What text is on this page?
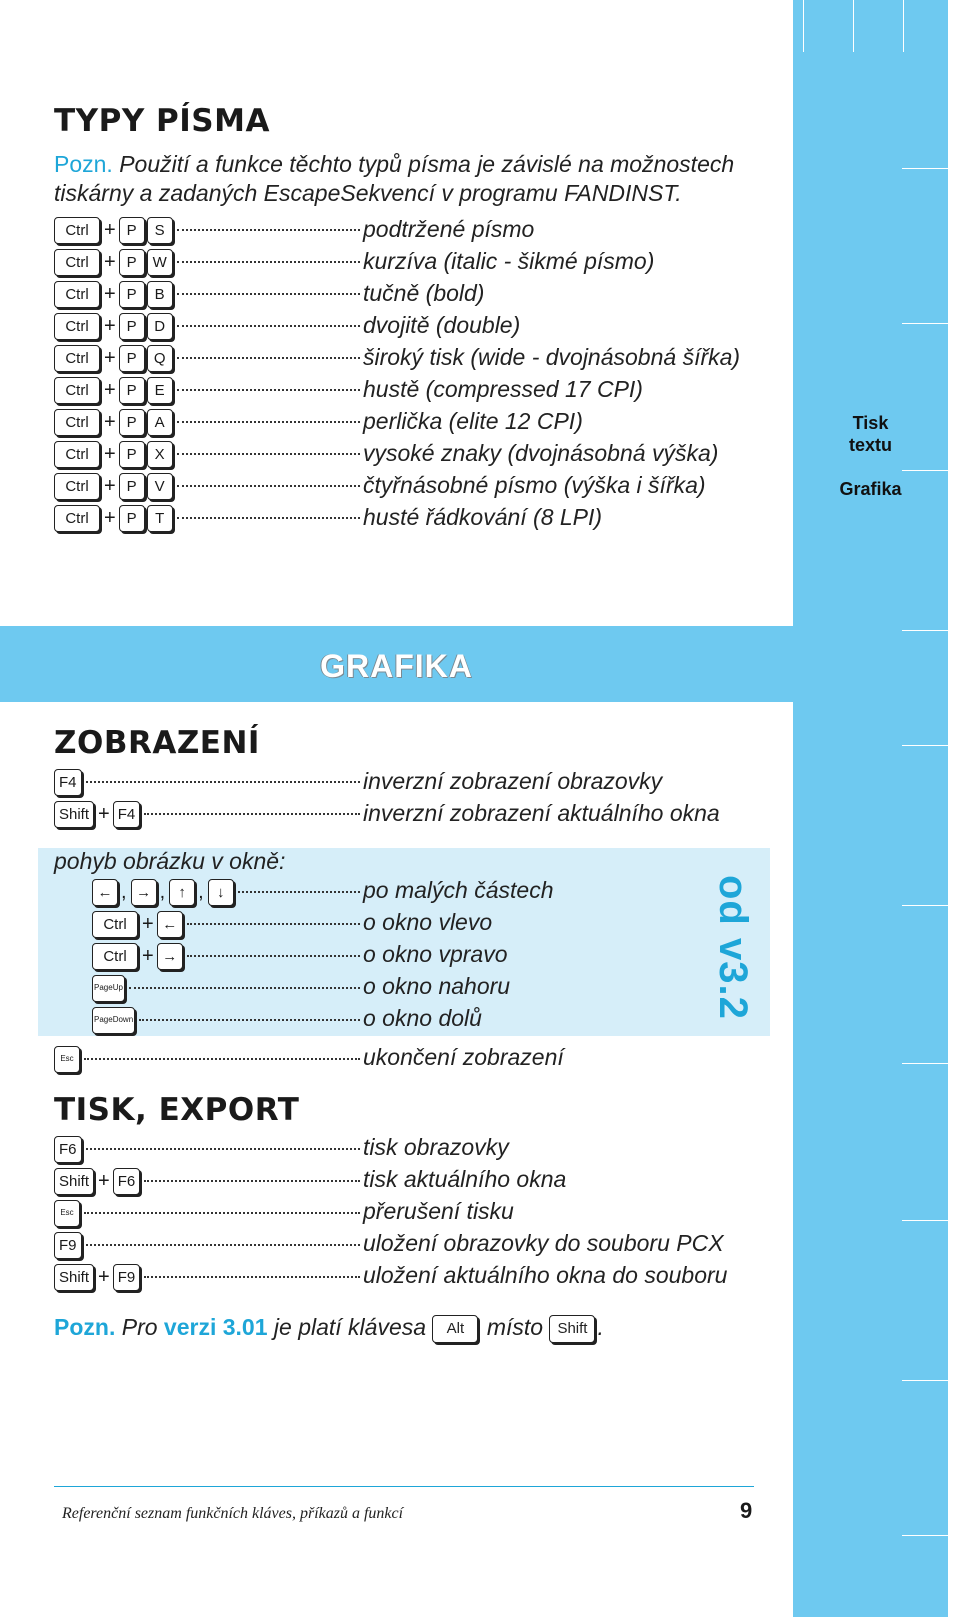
Tisk
textu
Grafika
TYPY PÍSMA
Pozn. Použití a funkce těchto typů písma je závislé na možnostech
tiskárny a zadaných EscapeSekvencí v programu FANDINST.
Ctrl + P	S	podtržené písmo
Ctrl + P	W	kurzíva (italic - šikmé písmo)
Ctrl + P	B	tučně (bold)
Ctrl + P	D	dvojitě (double)
Ctrl + P	Q	široký tisk (wide - dvojnásobná šířka)
Ctrl + P	E	hustě (compressed 17 CPI)
Ctrl + P	A	perlička (elite 12 CPI)
Ctrl + P	X	vysoké znaky (dvojnásobná výška)
Ctrl + P	V	čtyřnásobné písmo (výška i šířka)
Ctrl + P	T	husté řádkování (8 LPI)
GRAFIKA
ZOBRAZENÍ
F4	inverzní zobrazení obrazovky
Shift + F4	inverzní zobrazení aktuálního okna
pohyb obrázku v okně:
← , → , ↑ , ↓	po malých částech
Ctrl + ←	o okno vlevo
Ctrl + →	o okno vpravo
Page Up	o okno nahoru
Page Down	o okno dolů	od v3.2
Esc	ukončení zobrazení
TISK, EXPORT
F6	tisk obrazovky
Shift + F6	tisk aktuálního okna
Esc	přerušení tisku
F9	uložení obrazovky do souboru PCX
Shift + F9	uložení aktuálního okna do souboru
Pozn. Pro verzi 3.01 je platí klávesa Alt místo Shift .
Referenční seznam funkčních kláves, příkazů a funkcí	9
